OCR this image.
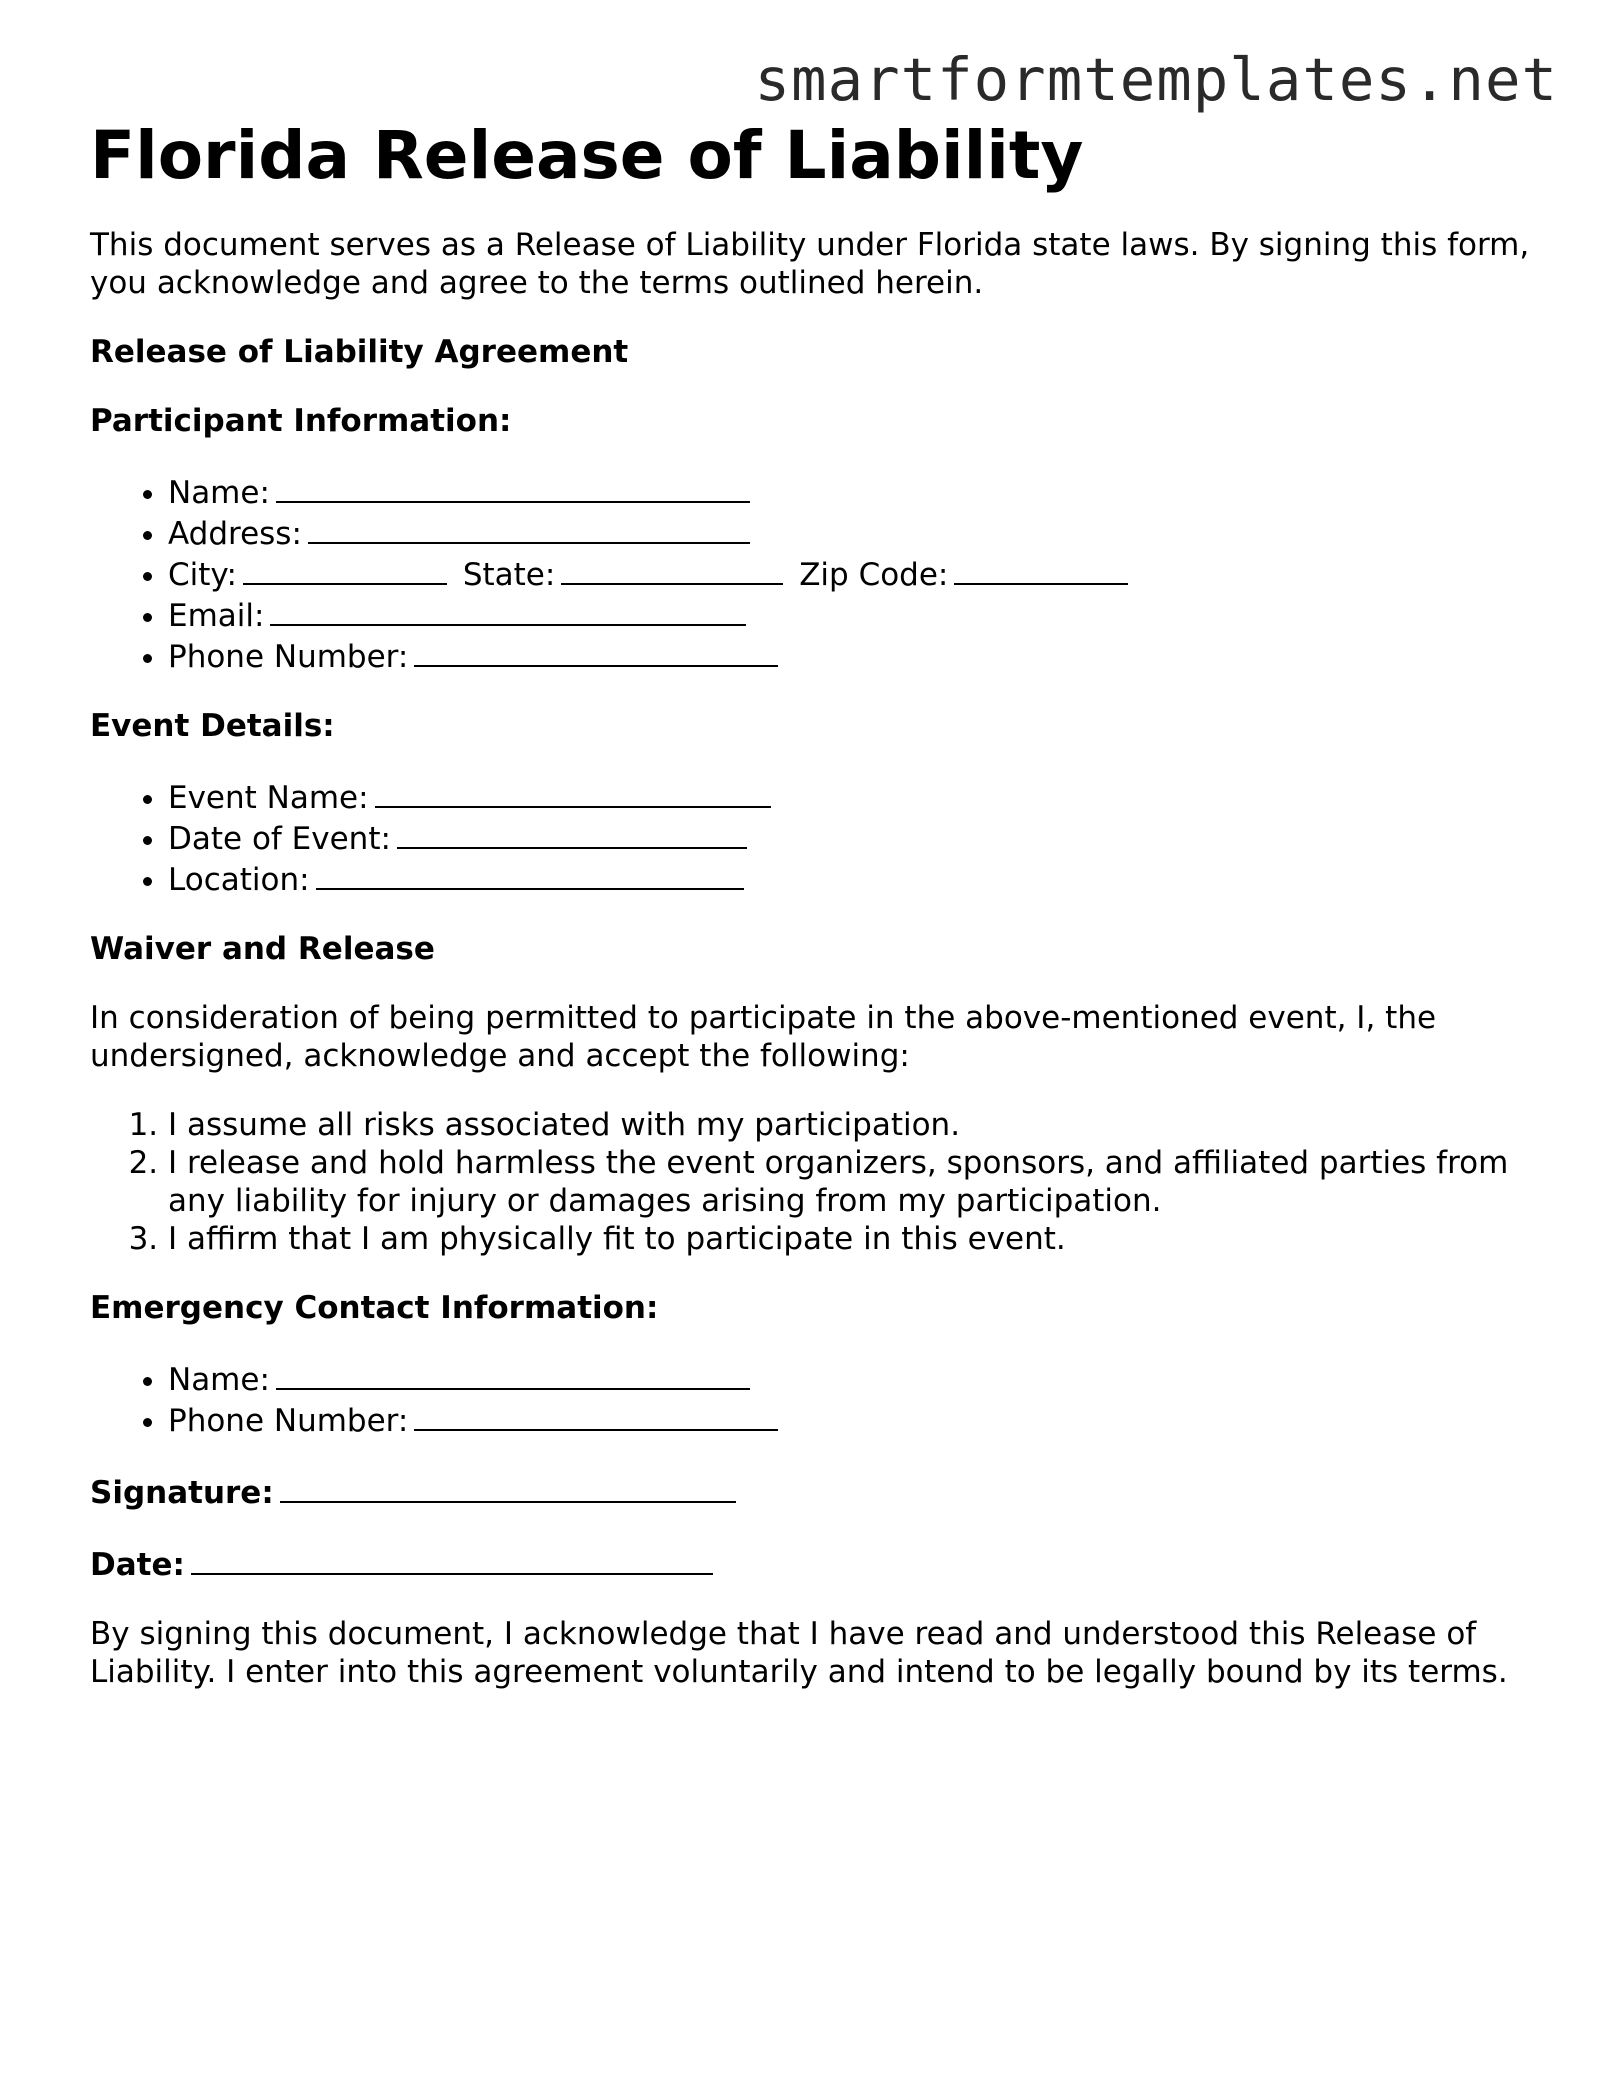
smartformtemplates.net
Florida Release of Liability

This document serves as a Release of Liability under Florida state laws. By signing this form, you acknowledge and agree to the terms outlined herein.

Release of Liability Agreement
Participant Information:
• Name:
• Address:
• City:	State:	Zip Code:
• Email:
• Phone Number:
Event Details:
• Event Name:
• Date of Event:
• Location:
Waiver and Release

In consideration of being permitted to participate in the above-mentioned event, I, the undersigned, acknowledge and accept the following:

1. I assume all risks associated with my participation.
2. I release and hold harmless the event organizers, sponsors, and affiliated parties from any liability for injury or damages arising from my participation.
3. I affirm that I am physically fit to participate in this event.
Emergency Contact Information:
• Name:
• Phone Number:

Signature:

Date:

By signing this document, I acknowledge that I have read and understood this Release of Liability. I enter into this agreement voluntarily and intend to be legally bound by its terms.
